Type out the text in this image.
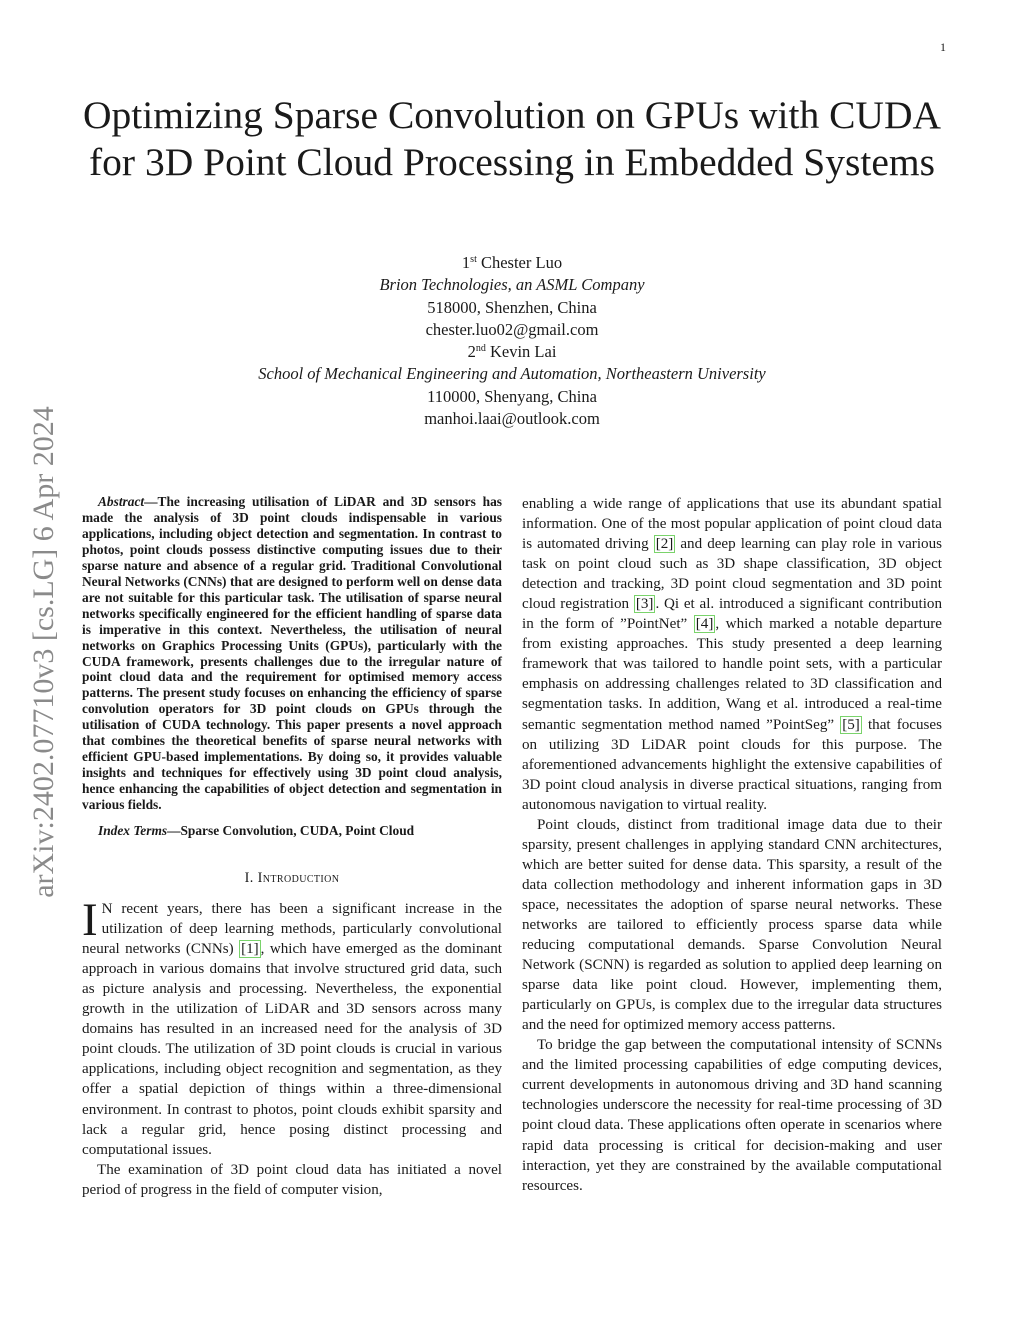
1
arXiv:2402.07710v3 [cs.LG] 6 Apr 2024
Optimizing Sparse Convolution on GPUs with CUDA for 3D Point Cloud Processing in Embedded Systems
1st Chester Luo
Brion Technologies, an ASML Company
518000, Shenzhen, China
chester.luo02@gmail.com
2nd Kevin Lai
School of Mechanical Engineering and Automation, Northeastern University
110000, Shenyang, China
manhoi.laai@outlook.com

Abstract—The increasing utilisation of LiDAR and 3D sensors has made the analysis of 3D point clouds indispensable in various applications, including object detection and segmentation. In contrast to photos, point clouds possess distinctive computing issues due to their sparse nature and absence of a regular grid. Traditional Convolutional Neural Networks (CNNs) that are designed to perform well on dense data are not suitable for this particular task. The utilisation of sparse neural networks specifically engineered for the efficient handling of sparse data is imperative in this context. Nevertheless, the utilisation of neural networks on Graphics Processing Units (GPUs), particularly with the CUDA framework, presents challenges due to the irregular nature of point cloud data and the requirement for optimised memory access patterns. The present study focuses on enhancing the efficiency of sparse convolution operators for 3D point clouds on GPUs through the utilisation of CUDA technology. This paper presents a novel approach that combines the theoretical benefits of sparse neural networks with efficient GPU-based implementations. By doing so, it provides valuable insights and techniques for effectively using 3D point cloud analysis, hence enhancing the capabilities of object detection and segmentation in various fields.

Index Terms—Sparse Convolution, CUDA, Point Cloud

I. Introduction

I N recent years, there has been a significant increase in the utilization of deep learning methods, particularly convolutional neural networks (CNNs) [1] , which have emerged as the dominant approach in various domains that involve structured grid data, such as picture analysis and processing. Nevertheless, the exponential growth in the utilization of LiDAR and 3D sensors across many domains has resulted in an increased need for the analysis of 3D point clouds. The utilization of 3D point clouds is crucial in various applications, including object recognition and segmentation, as they offer a spatial depiction of things within a three-dimensional environment. In contrast to photos, point clouds exhibit sparsity and lack a regular grid, hence posing distinct processing and computational issues.

The examination of 3D point cloud data has initiated a novel period of progress in the field of computer vision,

enabling a wide range of applications that use its abundant spatial information. One of the most popular application of point cloud data is automated driving [2] and deep learning can play role in various task on point cloud such as 3D shape classification, 3D object detection and tracking, 3D point cloud segmentation and 3D point cloud registration [3] . Qi et al. introduced a significant contribution in the form of ”PointNet” [4] , which marked a notable departure from existing approaches. This study presented a deep learning framework that was tailored to handle point sets, with a particular emphasis on addressing challenges related to 3D classification and segmentation tasks. In addition, Wang et al. introduced a real-time semantic segmentation method named ”PointSeg” [5] that focuses on utilizing 3D LiDAR point clouds for this purpose. The aforementioned advancements highlight the extensive capabilities of 3D point cloud analysis in diverse practical situations, ranging from autonomous navigation to virtual reality.

Point clouds, distinct from traditional image data due to their sparsity, present challenges in applying standard CNN architectures, which are better suited for dense data. This sparsity, a result of the data collection methodology and inherent information gaps in 3D space, necessitates the adoption of sparse neural networks. These networks are tailored to efficiently process sparse data while reducing computational demands. Sparse Convolution Neural Network (SCNN) is regarded as solution to applied deep learning on sparse data like point cloud. However, implementing them, particularly on GPUs, is complex due to the irregular data structures and the need for optimized memory access patterns.

To bridge the gap between the computational intensity of SCNNs and the limited processing capabilities of edge computing devices, current developments in autonomous driving and 3D hand scanning technologies underscore the necessity for real-time processing of 3D point cloud data. These applications often operate in scenarios where rapid data processing is critical for decision-making and user interaction, yet they are constrained by the available computational resources.
